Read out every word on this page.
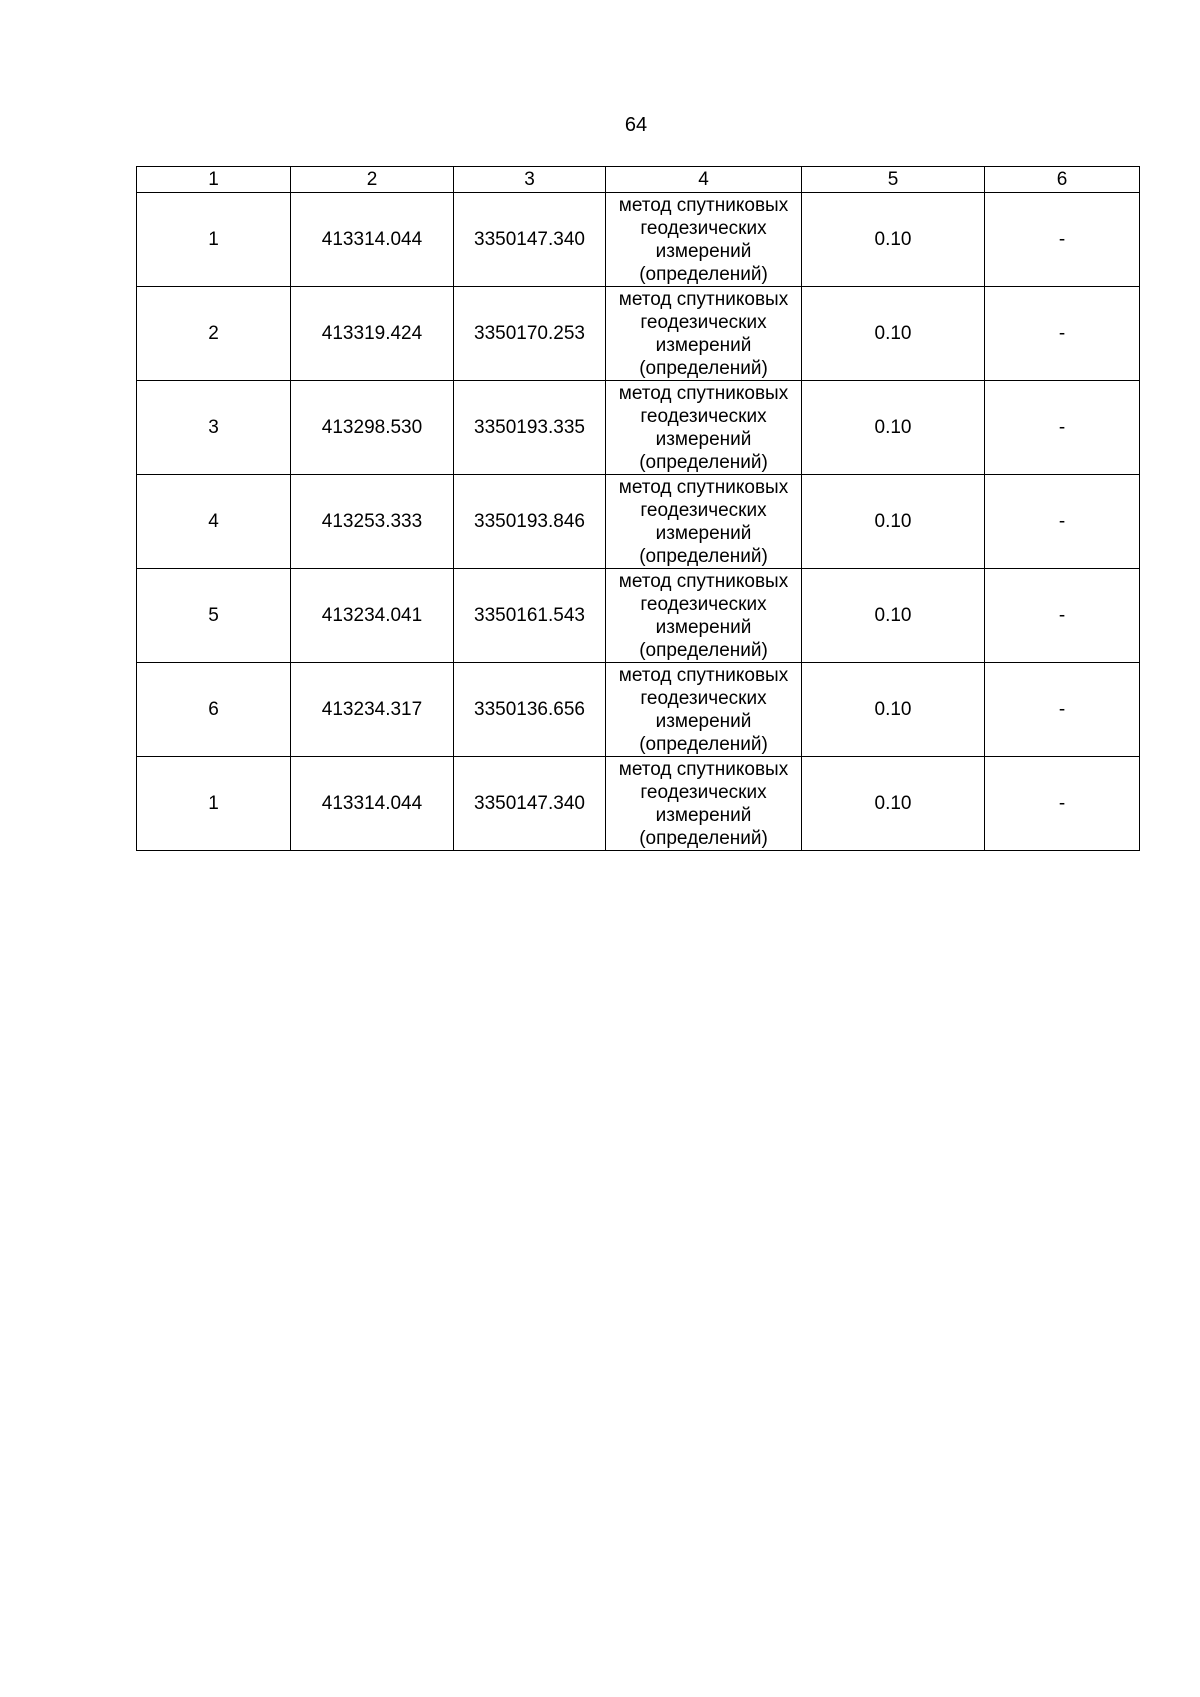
64
1	2	3	4	5	6
1	413314.044	3350147.340	метод спутниковых
геодезических
измерений
(определений)	0.10	-
2	413319.424	3350170.253	метод спутниковых
геодезических
измерений
(определений)	0.10	-
3	413298.530	3350193.335	метод спутниковых
геодезических
измерений
(определений)	0.10	-
4	413253.333	3350193.846	метод спутниковых
геодезических
измерений
(определений)	0.10	-
5	413234.041	3350161.543	метод спутниковых
геодезических
измерений
(определений)	0.10	-
6	413234.317	3350136.656	метод спутниковых
геодезических
измерений
(определений)	0.10	-
1	413314.044	3350147.340	метод спутниковых
геодезических
измерений
(определений)	0.10	-
